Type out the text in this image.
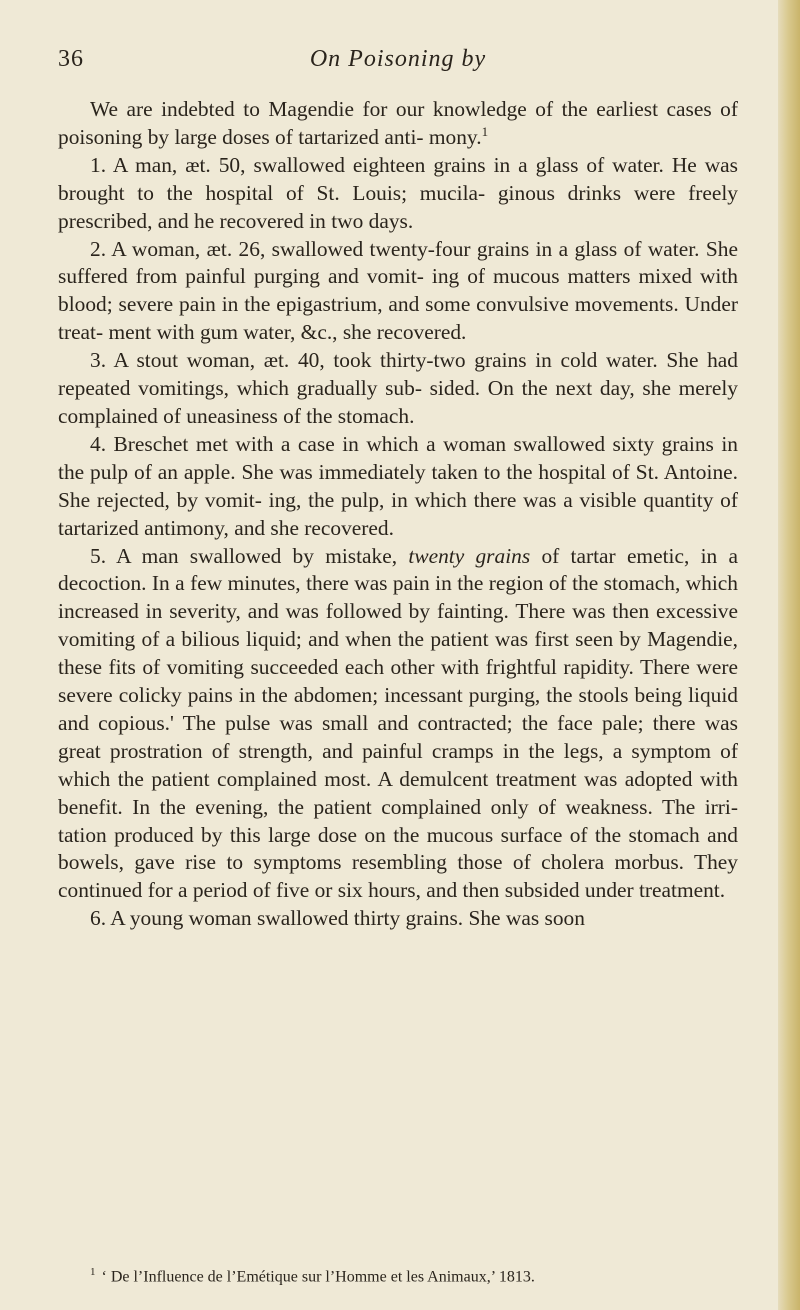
36	On Poisoning by

We are indebted to Magendie for our knowledge of the earliest cases of poisoning by large doses of tartarized anti- mony.$^1$

1. A man, æt. 50, swallowed eighteen grains in a glass of water. He was brought to the hospital of St. Louis; mucila- ginous drinks were freely prescribed, and he recovered in two days.

2. A woman, æt. 26, swallowed twenty-four grains in a glass of water. She suffered from painful purging and vomit- ing of mucous matters mixed with blood; severe pain in the epigastrium, and some convulsive movements. Under treat- ment with gum water, &c., she recovered.

3. A stout woman, æt. 40, took thirty-two grains in cold water. She had repeated vomitings, which gradually sub- sided. On the next day, she merely complained of uneasiness of the stomach.

4. Breschet met with a case in which a woman swallowed sixty grains in the pulp of an apple. She was immediately taken to the hospital of St. Antoine. She rejected, by vomit- ing, the pulp, in which there was a visible quantity of tartarized antimony, and she recovered.

5. A man swallowed by mistake, twenty grains of tartar emetic, in a decoction. In a few minutes, there was pain in the region of the stomach, which increased in severity, and was followed by fainting. There was then excessive vomiting of a bilious liquid; and when the patient was first seen by Magendie, these fits of vomiting succeeded each other with frightful rapidity. There were severe colicky pains in the abdomen; incessant purging, the stools being liquid and copious.' The pulse was small and contracted; the face pale; there was great prostration of strength, and painful cramps in the legs, a symptom of which the patient complained most. A demulcent treatment was adopted with benefit. In the evening, the patient complained only of weakness. The irri- tation produced by this large dose on the mucous surface of the stomach and bowels, gave rise to symptoms resembling those of cholera morbus. They continued for a period of five or six hours, and then subsided under treatment.

6. A young woman swallowed thirty grains. She was soon

$^1$ ‘ De l’Influence de l’Emétique sur l’Homme et les Animaux,’ 1813.
